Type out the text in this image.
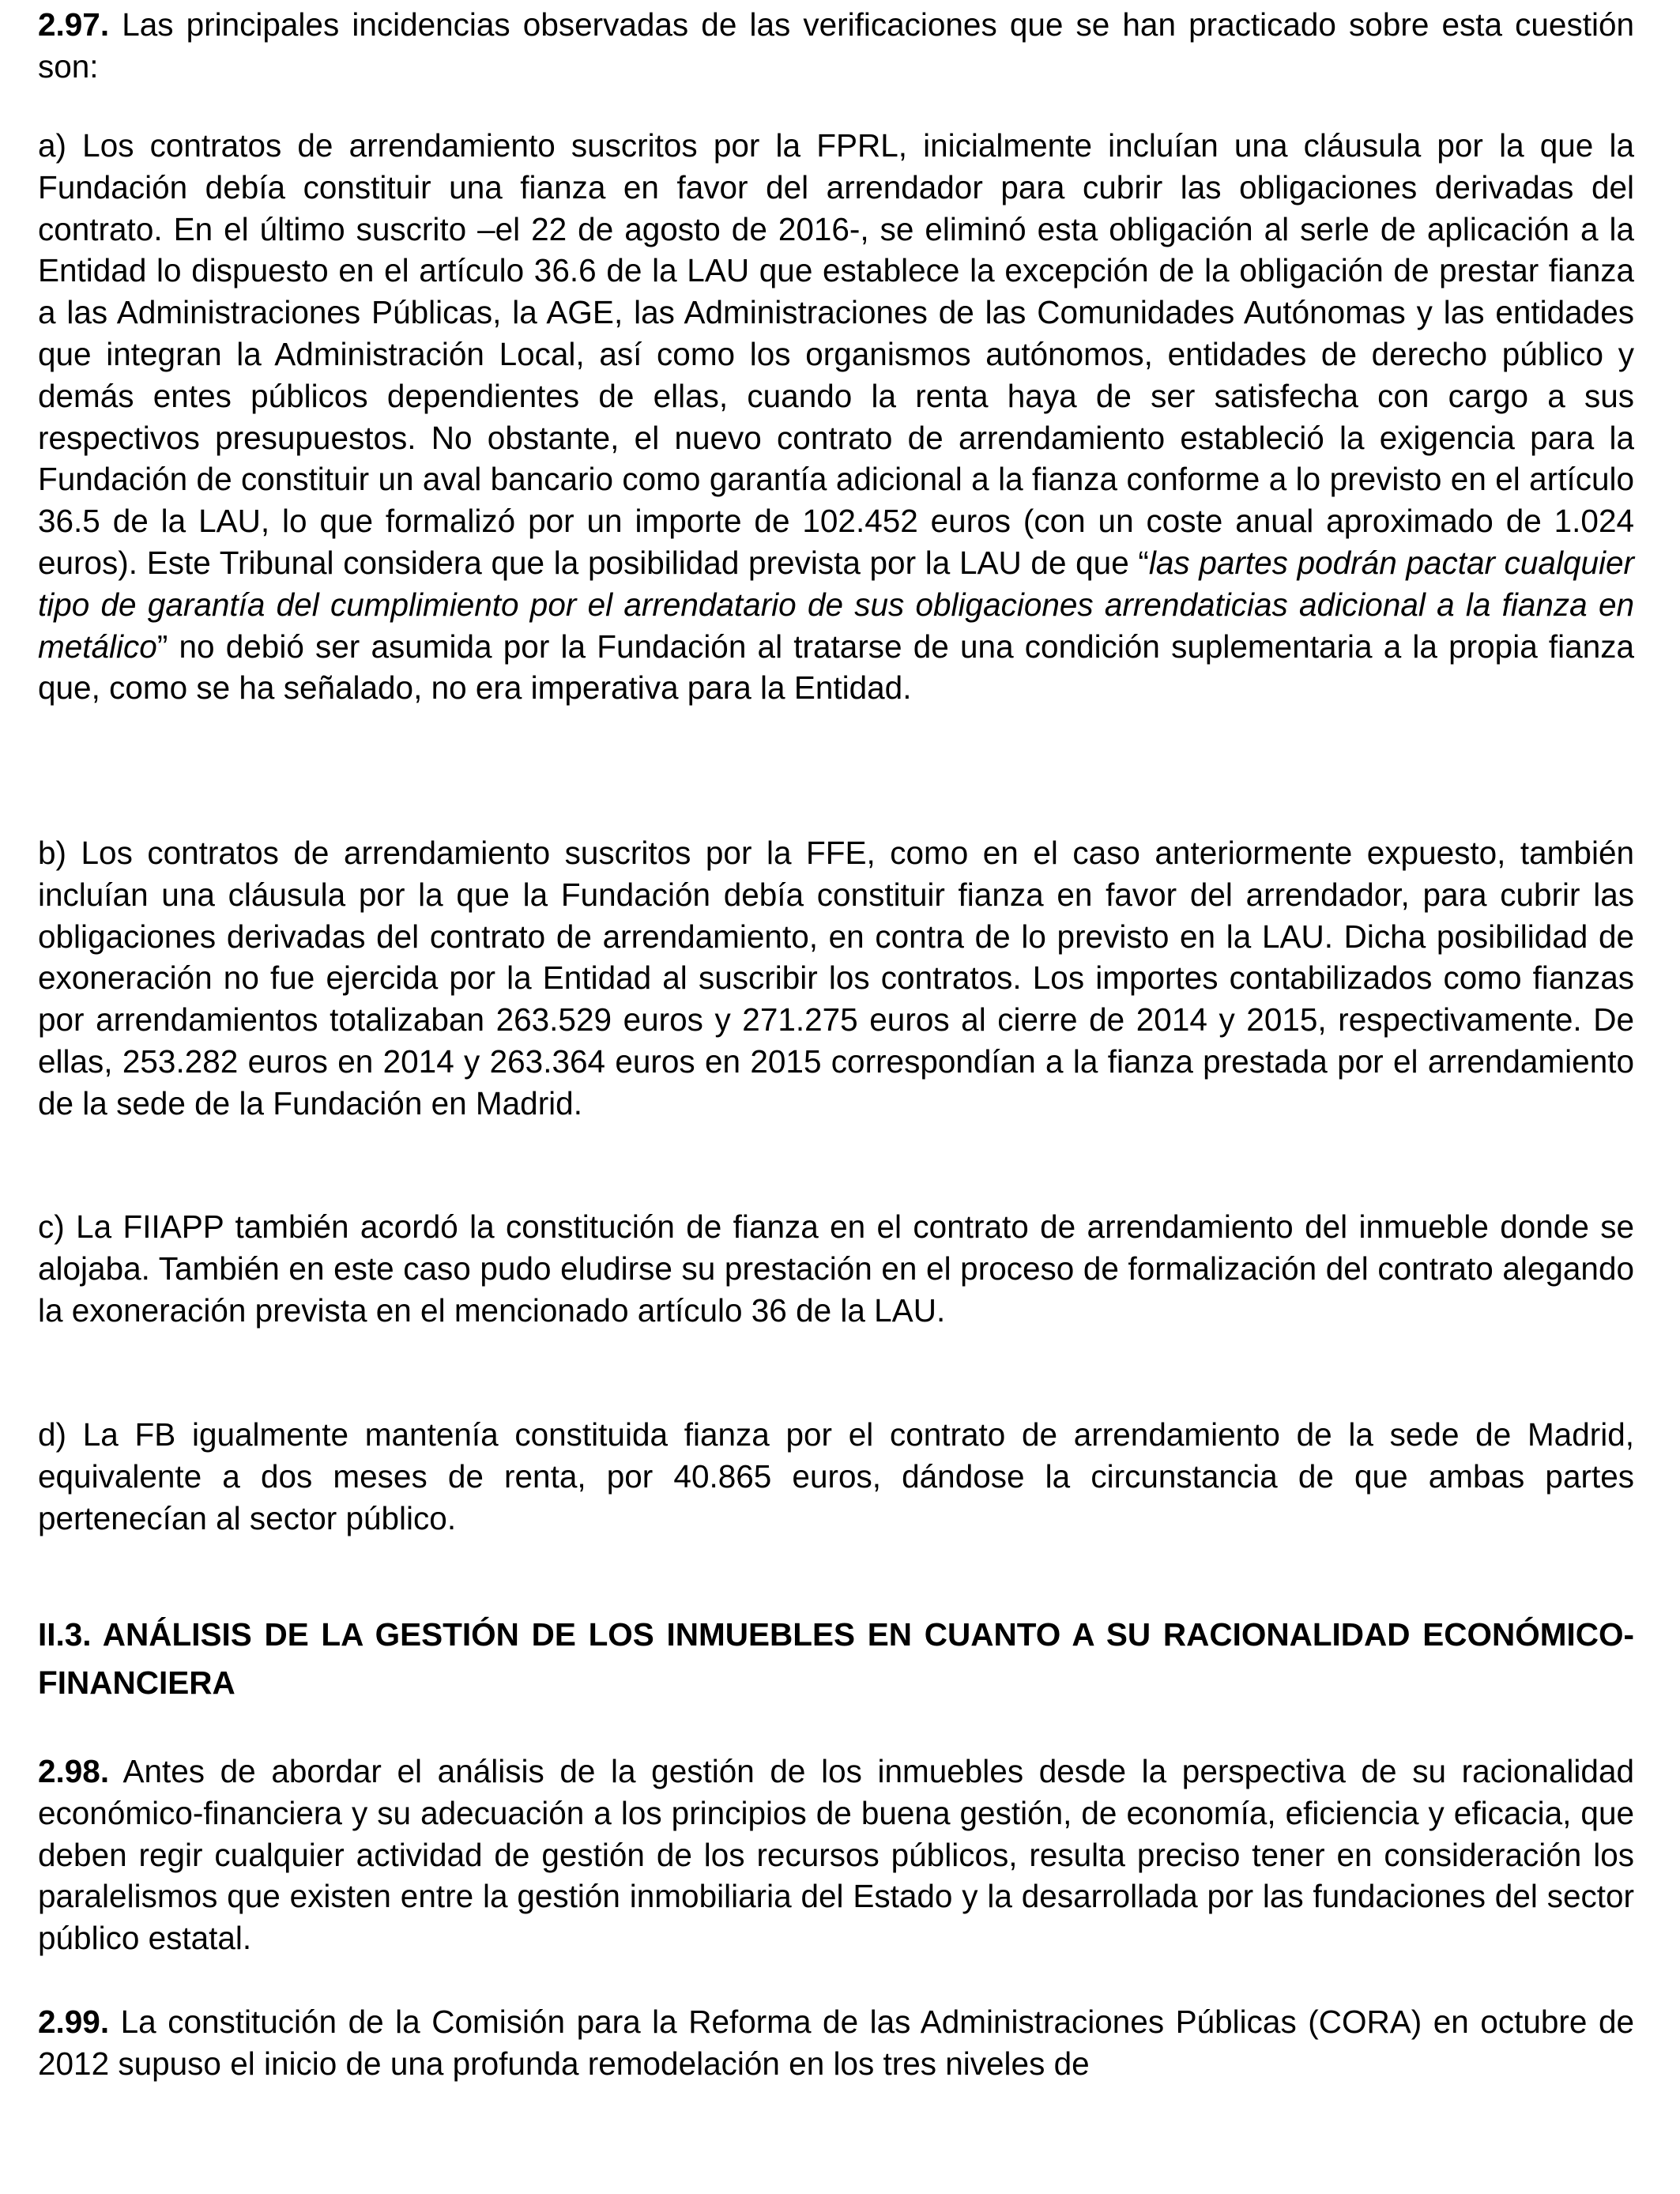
2.97. Las principales incidencias observadas de las verificaciones que se han practicado sobre esta cuestión son:

a) Los contratos de arrendamiento suscritos por la FPRL, inicialmente incluían una cláusula por la que la Fundación debía constituir una fianza en favor del arrendador para cubrir las obligaciones derivadas del contrato. En el último suscrito –el 22 de agosto de 2016-, se eliminó esta obligación al serle de aplicación a la Entidad lo dispuesto en el artículo 36.6 de la LAU que establece la excepción de la obligación de prestar fianza a las Administraciones Públicas, la AGE, las Administraciones de las Comunidades Autónomas y las entidades que integran la Administración Local, así como los organismos autónomos, entidades de derecho público y demás entes públicos dependientes de ellas, cuando la renta haya de ser satisfecha con cargo a sus respectivos presupuestos. No obstante, el nuevo contrato de arrendamiento estableció la exigencia para la Fundación de constituir un aval bancario como garantía adicional a la fianza conforme a lo previsto en el artículo 36.5 de la LAU, lo que formalizó por un importe de 102.452 euros (con un coste anual aproximado de 1.024 euros). Este Tribunal considera que la posibilidad prevista por la LAU de que “las partes podrán pactar cualquier tipo de garantía del cumplimiento por el arrendatario de sus obligaciones arrendaticias adicional a la fianza en metálico” no debió ser asumida por la Fundación al tratarse de una condición suplementaria a la propia fianza que, como se ha señalado, no era imperativa para la Entidad.

b) Los contratos de arrendamiento suscritos por la FFE, como en el caso anteriormente expuesto, también incluían una cláusula por la que la Fundación debía constituir fianza en favor del arrendador, para cubrir las obligaciones derivadas del contrato de arrendamiento, en contra de lo previsto en la LAU. Dicha posibilidad de exoneración no fue ejercida por la Entidad al suscribir los contratos. Los importes contabilizados como fianzas por arrendamientos totalizaban 263.529 euros y 271.275 euros al cierre de 2014 y 2015, respectivamente. De ellas, 253.282 euros en 2014 y 263.364 euros en 2015 correspondían a la fianza prestada por el arrendamiento de la sede de la Fundación en Madrid.

c) La FIIAPP también acordó la constitución de fianza en el contrato de arrendamiento del inmueble donde se alojaba. También en este caso pudo eludirse su prestación en el proceso de formalización del contrato alegando la exoneración prevista en el mencionado artículo 36 de la LAU.

d) La FB igualmente mantenía constituida fianza por el contrato de arrendamiento de la sede de Madrid, equivalente a dos meses de renta, por 40.865 euros, dándose la circunstancia de que ambas partes pertenecían al sector público.

II.3. ANÁLISIS DE LA GESTIÓN DE LOS INMUEBLES EN CUANTO A SU RACIONALIDAD ECONÓMICO-FINANCIERA

2.98. Antes de abordar el análisis de la gestión de los inmuebles desde la perspectiva de su racionalidad económico-financiera y su adecuación a los principios de buena gestión, de economía, eficiencia y eficacia, que deben regir cualquier actividad de gestión de los recursos públicos, resulta preciso tener en consideración los paralelismos que existen entre la gestión inmobiliaria del Estado y la desarrollada por las fundaciones del sector público estatal.

2.99. La constitución de la Comisión para la Reforma de las Administraciones Públicas (CORA) en octubre de 2012 supuso el inicio de una profunda remodelación en los tres niveles de
